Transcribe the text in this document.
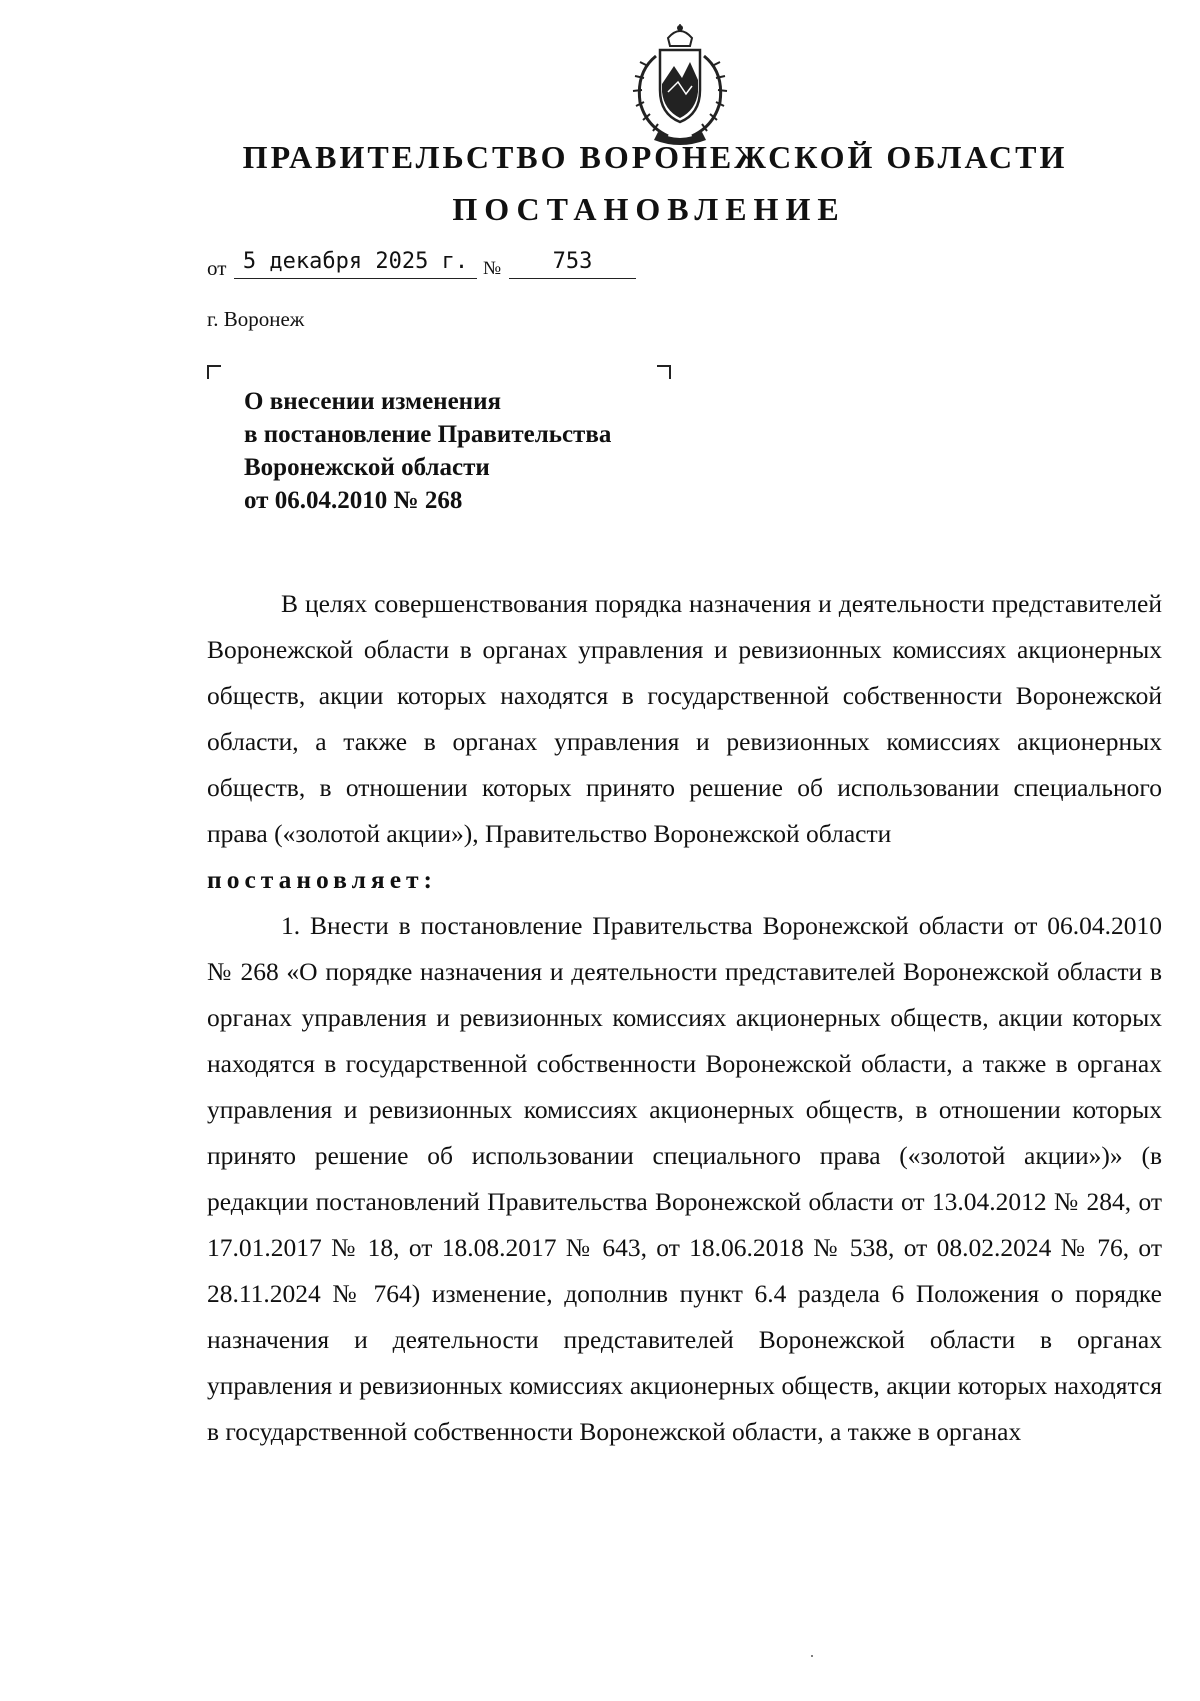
ПРАВИТЕЛЬСТВО ВОРОНЕЖСКОЙ ОБЛАСТИ
ПОСТАНОВЛЕНИЕ
от 5 декабря 2025 г. №	753
г. Воронеж
О внесении изменения
в постановление Правительства
Воронежской области
от 06.04.2010 № 268

В целях совершенствования порядка назначения и деятельности представителей Воронежской области в органах управления и ревизионных комиссиях акционерных обществ, акции которых находятся в государственной собственности Воронежской области, а также в органах управления и ревизионных комиссиях акционерных обществ, в отношении которых принято решение об использовании специального права («золотой акции»), Правительство Воронежской области

постановляет:

1. Внести в постановление Правительства Воронежской области от 06.04.2010 № 268 «О порядке назначения и деятельности представителей Воронежской области в органах управления и ревизионных комиссиях акционерных обществ, акции которых находятся в государственной собственности Воронежской области, а также в органах управления и ревизионных комиссиях акционерных обществ, в отношении которых принято решение об использовании специального права («золотой акции»)» (в редакции постановлений Правительства Воронежской области от 13.04.2012 № 284, от 17.01.2017 № 18, от 18.08.2017 № 643, от 18.06.2018 № 538, от 08.02.2024 № 76, от 28.11.2024 № 764) изменение, дополнив пункт 6.4 раздела 6 Положения о порядке назначения и деятельности представителей Воронежской области в органах управления и ревизионных комиссиях акционерных обществ, акции которых находятся в государственной собственности Воронежской области, а также в органах
